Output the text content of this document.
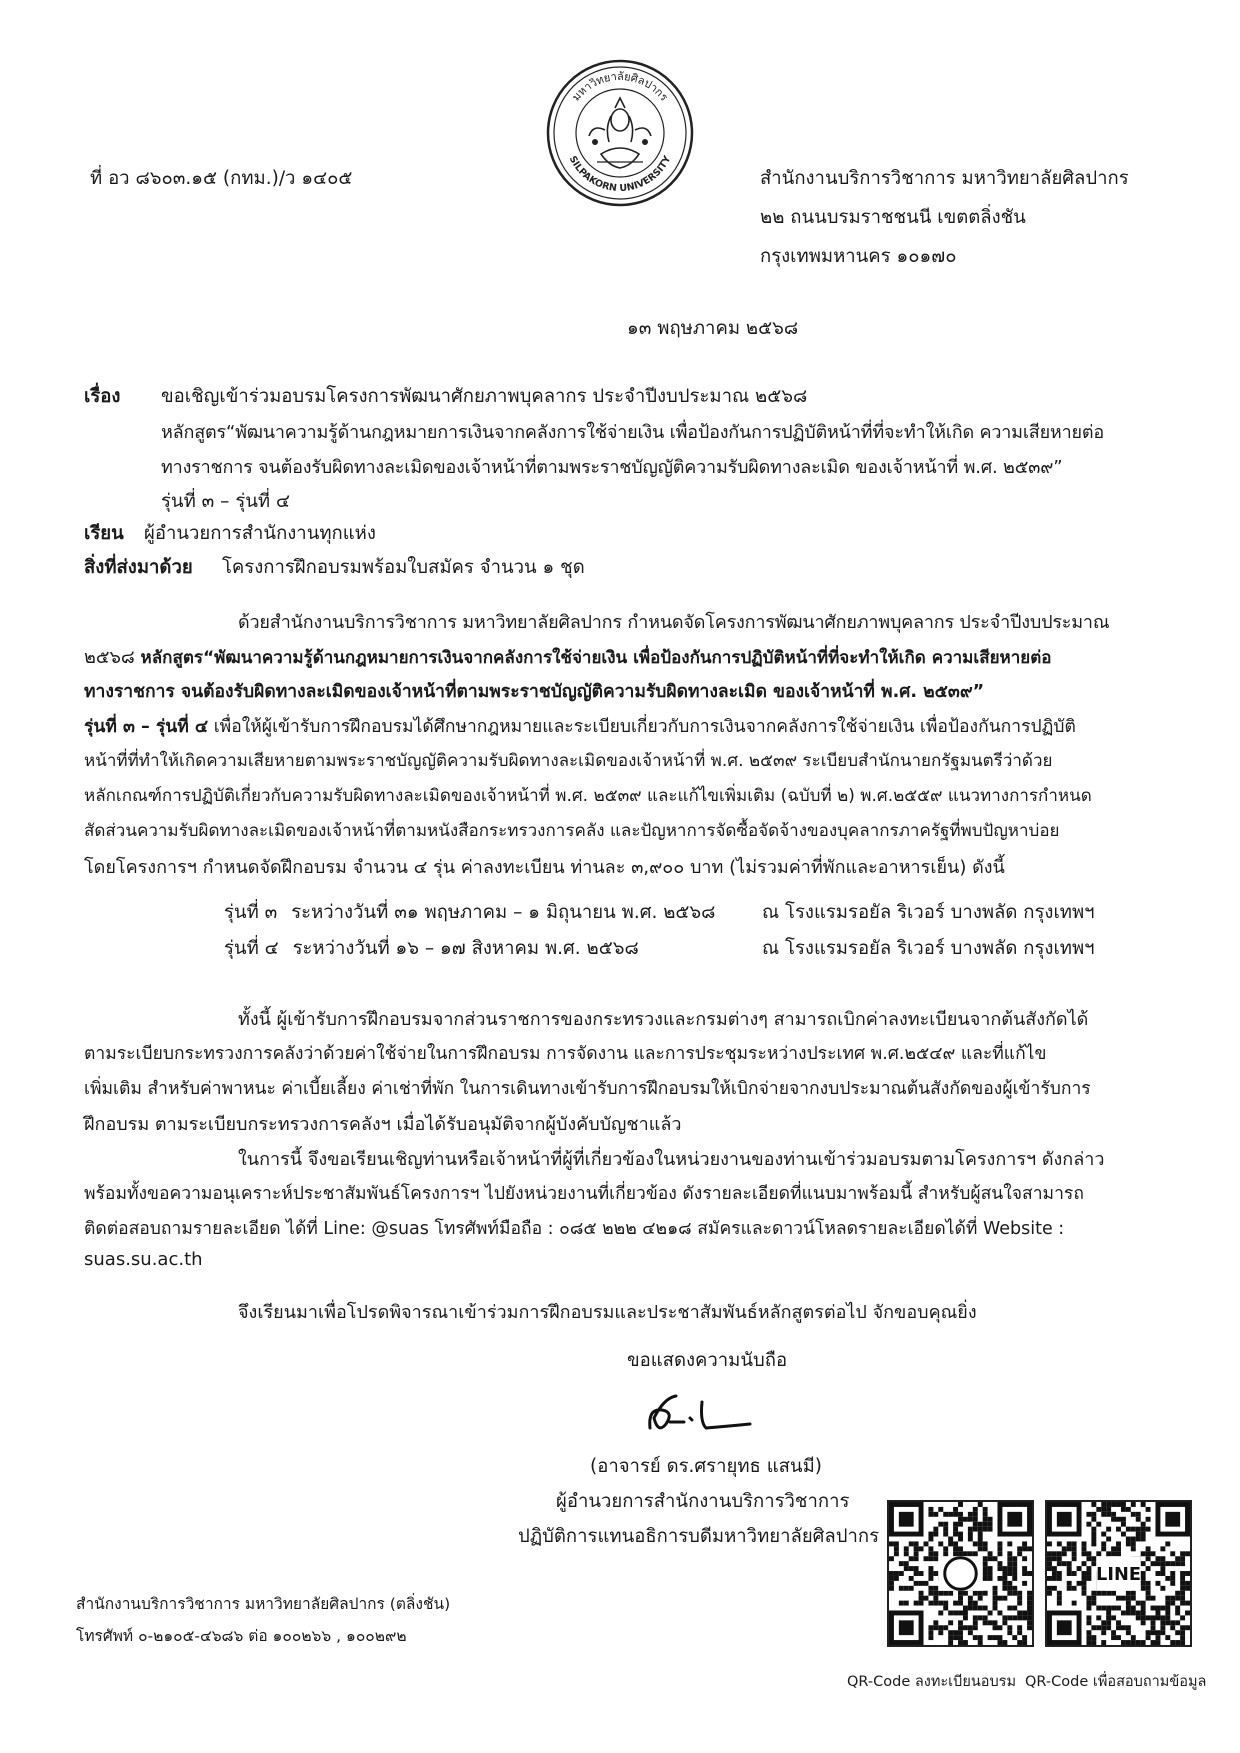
มหาวิทยาลัยศิลปากร
SILPAKORN UNIVERSITY
ที่ อว ๘๖๐๓.๑๕ (กทม.)/ว ๑๔๐๕	สำนักงานบริการวิชาการ มหาวิทยาลัยศิลปากร
๒๒ ถนนบรมราชชนนี เขตตลิ่งชัน
กรุงเทพมหานคร ๑๐๑๗๐
๑๓ พฤษภาคม ๒๕๖๘
เรื่อง ขอเชิญเข้าร่วมอบรมโครงการพัฒนาศักยภาพบุคลากร ประจำปีงบประมาณ ๒๕๖๘
หลักสูตร“พัฒนาความรู้ด้านกฎหมายการเงินจากคลังการใช้จ่ายเงิน เพื่อป้องกันการปฏิบัติหน้าที่ที่จะทำให้เกิด ความเสียหายต่อ
ทางราชการ จนต้องรับผิดทางละเมิดของเจ้าหน้าที่ตามพระราชบัญญัติความรับผิดทางละเมิด ของเจ้าหน้าที่ พ.ศ. ๒๕๓๙”
รุ่นที่ ๓ – รุ่นที่ ๔
เรียน ผู้อำนวยการสำนักงานทุกแห่ง
สิ่งที่ส่งมาด้วย โครงการฝึกอบรมพร้อมใบสมัคร จำนวน ๑ ชุด
ด้วยสำนักงานบริการวิชาการ มหาวิทยาลัยศิลปากร กำหนดจัดโครงการพัฒนาศักยภาพบุคลากร ประจำปีงบประมาณ
๒๕๖๘ หลักสูตร“พัฒนาความรู้ด้านกฎหมายการเงินจากคลังการใช้จ่ายเงิน เพื่อป้องกันการปฏิบัติหน้าที่ที่จะทำให้เกิด ความเสียหายต่อ
ทางราชการ จนต้องรับผิดทางละเมิดของเจ้าหน้าที่ตามพระราชบัญญัติความรับผิดทางละเมิด ของเจ้าหน้าที่ พ.ศ. ๒๕๓๙”
รุ่นที่ ๓ – รุ่นที่ ๔ เพื่อให้ผู้เข้ารับการฝึกอบรมได้ศึกษากฎหมายและระเบียบเกี่ยวกับการเงินจากคลังการใช้จ่ายเงิน เพื่อป้องกันการปฏิบัติ
หน้าที่ที่ทำให้เกิดความเสียหายตามพระราชบัญญัติความรับผิดทางละเมิดของเจ้าหน้าที่ พ.ศ. ๒๕๓๙ ระเบียบสำนักนายกรัฐมนตรีว่าด้วย
หลักเกณฑ์การปฏิบัติเกี่ยวกับความรับผิดทางละเมิดของเจ้าหน้าที่ พ.ศ. ๒๕๓๙ และแก้ไขเพิ่มเติม (ฉบับที่ ๒) พ.ศ.๒๕๕๙ แนวทางการกำหนด
สัดส่วนความรับผิดทางละเมิดของเจ้าหน้าที่ตามหนังสือกระทรวงการคลัง และปัญหาการจัดซื้อจัดจ้างของบุคลากรภาครัฐที่พบปัญหาบ่อย
โดยโครงการฯ กำหนดจัดฝึกอบรม จำนวน ๔ รุ่น ค่าลงทะเบียน ท่านละ ๓,๙๐๐ บาท (ไม่รวมค่าที่พักและอาหารเย็น) ดังนี้
รุ่นที่ ๓ ระหว่างวันที่ ๓๑ พฤษภาคม – ๑ มิถุนายน พ.ศ. ๒๕๖๘	ณ โรงแรมรอยัล ริเวอร์ บางพลัด กรุงเทพฯ
รุ่นที่ ๔ ระหว่างวันที่ ๑๖ – ๑๗ สิงหาคม พ.ศ. ๒๕๖๘	ณ โรงแรมรอยัล ริเวอร์ บางพลัด กรุงเทพฯ
ทั้งนี้ ผู้เข้ารับการฝึกอบรมจากส่วนราชการของกระทรวงและกรมต่างๆ สามารถเบิกค่าลงทะเบียนจากต้นสังกัดได้
ตามระเบียบกระทรวงการคลังว่าด้วยค่าใช้จ่ายในการฝึกอบรม การจัดงาน และการประชุมระหว่างประเทศ พ.ศ.๒๕๔๙ และที่แก้ไข
เพิ่มเติม สำหรับค่าพาหนะ ค่าเบี้ยเลี้ยง ค่าเช่าที่พัก ในการเดินทางเข้ารับการฝึกอบรมให้เบิกจ่ายจากงบประมาณต้นสังกัดของผู้เข้ารับการ
ฝึกอบรม ตามระเบียบกระทรวงการคลังฯ เมื่อได้รับอนุมัติจากผู้บังคับบัญชาแล้ว
ในการนี้ จึงขอเรียนเชิญท่านหรือเจ้าหน้าที่ผู้ที่เกี่ยวข้องในหน่วยงานของท่านเข้าร่วมอบรมตามโครงการฯ ดังกล่าว
พร้อมทั้งขอความอนุเคราะห์ประชาสัมพันธ์โครงการฯ ไปยังหน่วยงานที่เกี่ยวข้อง ดังรายละเอียดที่แนบมาพร้อมนี้ สำหรับผู้สนใจสามารถ
ติดต่อสอบถามรายละเอียด ได้ที่ Line: @suas โทรศัพท์มือถือ : ๐๘๕ ๒๒๒ ๔๒๑๘ สมัครและดาวน์โหลดรายละเอียดได้ที่ Website :
suas.su.ac.th
จึงเรียนมาเพื่อโปรดพิจารณาเข้าร่วมการฝึกอบรมและประชาสัมพันธ์หลักสูตรต่อไป จักขอบคุณยิ่ง
ขอแสดงความนับถือ
(อาจารย์ ดร.ศรายุทธ แสนมี)
ผู้อำนวยการสำนักงานบริการวิชาการ
ปฏิบัติการแทนอธิการบดีมหาวิทยาลัยศิลปากร
สำนักงานบริการวิชาการ มหาวิทยาลัยศิลปากร (ตลิ่งชัน)
โทรศัพท์ ๐-๒๑๐๕-๔๖๘๖ ต่อ ๑๐๐๒๖๖ , ๑๐๐๒๙๒
LINE
QR-Code ลงทะเบียนอบรม QR-Code เพื่อสอบถามข้อมูล
